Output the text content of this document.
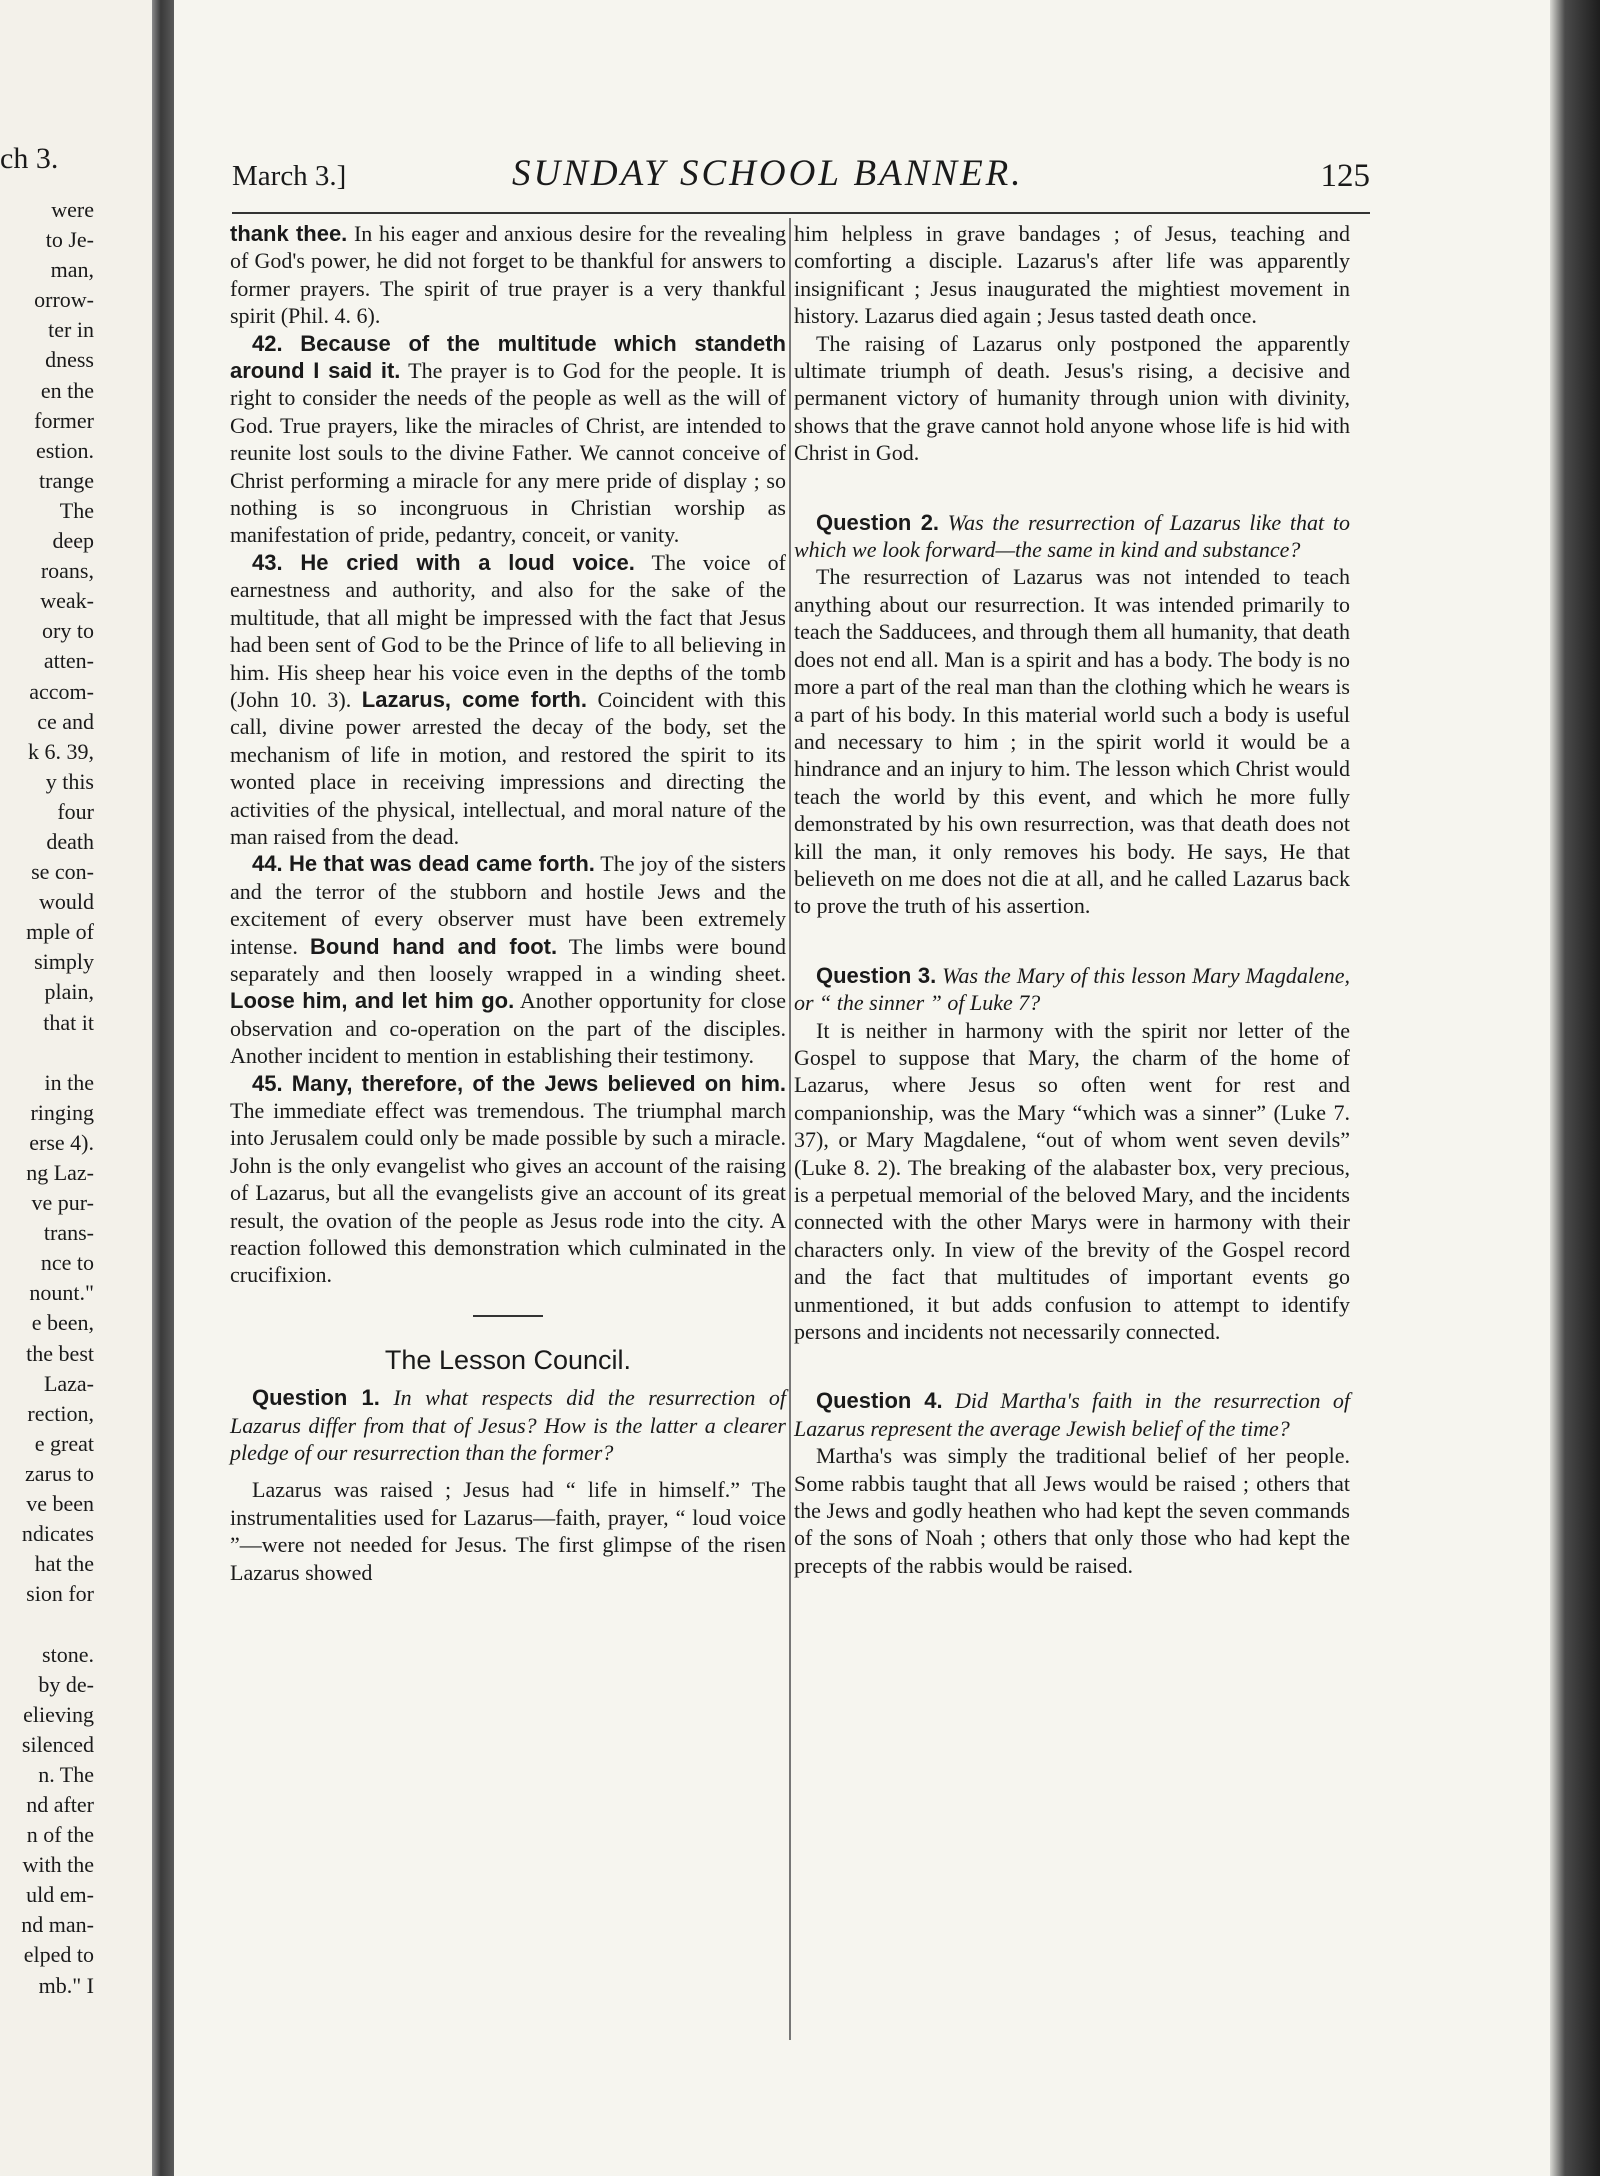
ch 3.
were
to Je-
man,
orrow-
ter in
dness
en the
former
estion.
trange
The
deep
roans,
weak-
ory to
atten-
accom-
ce and
k 6. 39,
y this
four
death
se con-
would
mple of
simply
plain,
that it

in the
ringing
erse 4).
ng Laz-
ve pur-
trans-
nce to
nount."
e been,
the best
Laza-
rection,
e great
zarus to
ve been
ndicates
hat the
sion for

stone.
by de-
elieving
silenced
n. The
nd after
n of the
with the
uld em-
nd man-
elped to
mb." I
March 3.]	SUNDAY SCHOOL BANNER.	125

thank thee. In his eager and anxious desire for the revealing of God's power, he did not forget to be thankful for answers to former prayers. The spirit of true prayer is a very thankful spirit (Phil. 4. 6).

42. Because of the multitude which standeth around I said it. The prayer is to God for the people. It is right to consider the needs of the people as well as the will of God. True prayers, like the miracles of Christ, are intended to reunite lost souls to the divine Father. We cannot conceive of Christ performing a miracle for any mere pride of display ; so nothing is so incongruous in Christian worship as manifestation of pride, pedantry, conceit, or vanity.

43. He cried with a loud voice. The voice of earnestness and authority, and also for the sake of the multitude, that all might be impressed with the fact that Jesus had been sent of God to be the Prince of life to all believing in him. His sheep hear his voice even in the depths of the tomb (John 10. 3). Lazarus, come forth. Coincident with this call, divine power arrested the decay of the body, set the mechanism of life in motion, and restored the spirit to its wonted place in receiving impressions and directing the activities of the physical, intellectual, and moral nature of the man raised from the dead.

44. He that was dead came forth. The joy of the sisters and the terror of the stubborn and hostile Jews and the excitement of every observer must have been extremely intense. Bound hand and foot. The limbs were bound separately and then loosely wrapped in a winding sheet. Loose him, and let him go. Another opportunity for close observation and co-operation on the part of the disciples. Another incident to mention in establishing their testimony.

45. Many, therefore, of the Jews believed on him. The immediate effect was tremendous. The triumphal march into Jerusalem could only be made possible by such a miracle. John is the only evangelist who gives an account of the raising of Lazarus, but all the evangelists give an account of its great result, the ovation of the people as Jesus rode into the city. A reaction followed this demonstration which culminated in the crucifixion.

The Lesson Council.

Question 1. In what respects did the resurrection of Lazarus differ from that of Jesus? How is the latter a clearer pledge of our resurrection than the former?

Lazarus was raised ; Jesus had “ life in himself.” The instrumentalities used for Lazarus—faith, prayer, “ loud voice ”—were not needed for Jesus. The first glimpse of the risen Lazarus showed

him helpless in grave bandages ; of Jesus, teaching and comforting a disciple. Lazarus's after life was apparently insignificant ; Jesus inaugurated the mightiest movement in history. Lazarus died again ; Jesus tasted death once.

The raising of Lazarus only postponed the apparently ultimate triumph of death. Jesus's rising, a decisive and permanent victory of humanity through union with divinity, shows that the grave cannot hold anyone whose life is hid with Christ in God.

Question 2. Was the resurrection of Lazarus like that to which we look forward—the same in kind and substance?

The resurrection of Lazarus was not intended to teach anything about our resurrection. It was intended primarily to teach the Sadducees, and through them all humanity, that death does not end all. Man is a spirit and has a body. The body is no more a part of the real man than the clothing which he wears is a part of his body. In this material world such a body is useful and necessary to him ; in the spirit world it would be a hindrance and an injury to him. The lesson which Christ would teach the world by this event, and which he more fully demonstrated by his own resurrection, was that death does not kill the man, it only removes his body. He says, He that believeth on me does not die at all, and he called Lazarus back to prove the truth of his assertion.

Question 3. Was the Mary of this lesson Mary Magdalene, or “ the sinner ” of Luke 7?

It is neither in harmony with the spirit nor letter of the Gospel to suppose that Mary, the charm of the home of Lazarus, where Jesus so often went for rest and companionship, was the Mary “which was a sinner” (Luke 7. 37), or Mary Magdalene, “out of whom went seven devils” (Luke 8. 2). The breaking of the alabaster box, very precious, is a perpetual memorial of the beloved Mary, and the incidents connected with the other Marys were in harmony with their characters only. In view of the brevity of the Gospel record and the fact that multitudes of important events go unmentioned, it but adds confusion to attempt to identify persons and incidents not necessarily connected.

Question 4. Did Martha's faith in the resurrection of Lazarus represent the average Jewish belief of the time?

Martha's was simply the traditional belief of her people. Some rabbis taught that all Jews would be raised ; others that the Jews and godly heathen who had kept the seven commands of the sons of Noah ; others that only those who had kept the precepts of the rabbis would be raised.
